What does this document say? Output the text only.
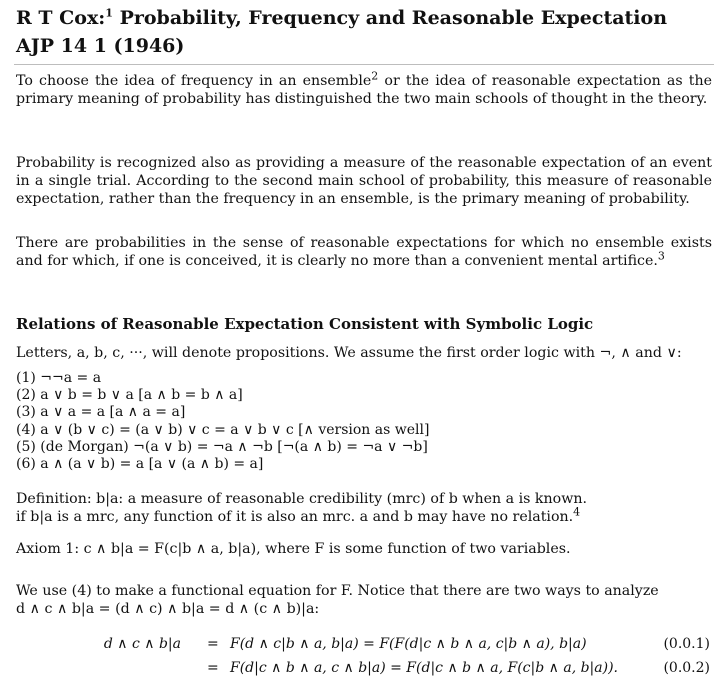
R T Cox:$^1$ Probability, Frequency and Reasonable Expectation
AJP 14 1 (1946)

To choose the idea of frequency in an ensemble$^2$ or the idea of reasonable expectation as the primary meaning of probability has distinguished the two main schools of thought in the theory.

Probability is recognized also as providing a measure of the reasonable expectation of an event in a single trial. According to the second main school of probability, this measure of reasonable expectation, rather than the frequency in an ensemble, is the primary meaning of probability.

There are probabilities in the sense of reasonable expectations for which no ensemble exists and for which, if one is conceived, it is clearly no more than a convenient mental artifice.$^3$

Relations of Reasonable Expectation Consistent with Symbolic Logic

Letters, a, b, c, ···, will denote propositions. We assume the first order logic with ¬, ∧ and ∨:

(1) ¬¬a = a
(2) a ∨ b = b ∨ a [a ∧ b = b ∧ a]
(3) a ∨ a = a [a ∧ a = a]
(4) a ∨ (b ∨ c) = (a ∨ b) ∨ c = a ∨ b ∨ c [∧ version as well]
(5) (de Morgan) ¬(a ∨ b) = ¬a ∧ ¬b [¬(a ∧ b) = ¬a ∨ ¬b]
(6) a ∧ (a ∨ b) = a [a ∨ (a ∧ b) = a]

Definition: b|a: a measure of reasonable credibility (mrc) of b when a is known.

if b|a is a mrc, any function of it is also an mrc. a and b may have no relation.$^4$

Axiom 1: c ∧ b|a = F(c|b ∧ a, b|a), where F is some function of two variables.

We use (4) to make a functional equation for F. Notice that there are two ways to analyze

d ∧ c ∧ b|a = (d ∧ c) ∧ b|a = d ∧ (c ∧ b)|a:

d ∧ c ∧ b|a = F(d ∧ c|b ∧ a, b|a) = F(F(d|c ∧ b ∧ a, c|b ∧ a), b|a)	(0.0.1)
= F(d|c ∧ b ∧ a, c ∧ b|a) = F(d|c ∧ b ∧ a, F(c|b ∧ a, b|a)).	(0.0.2)
